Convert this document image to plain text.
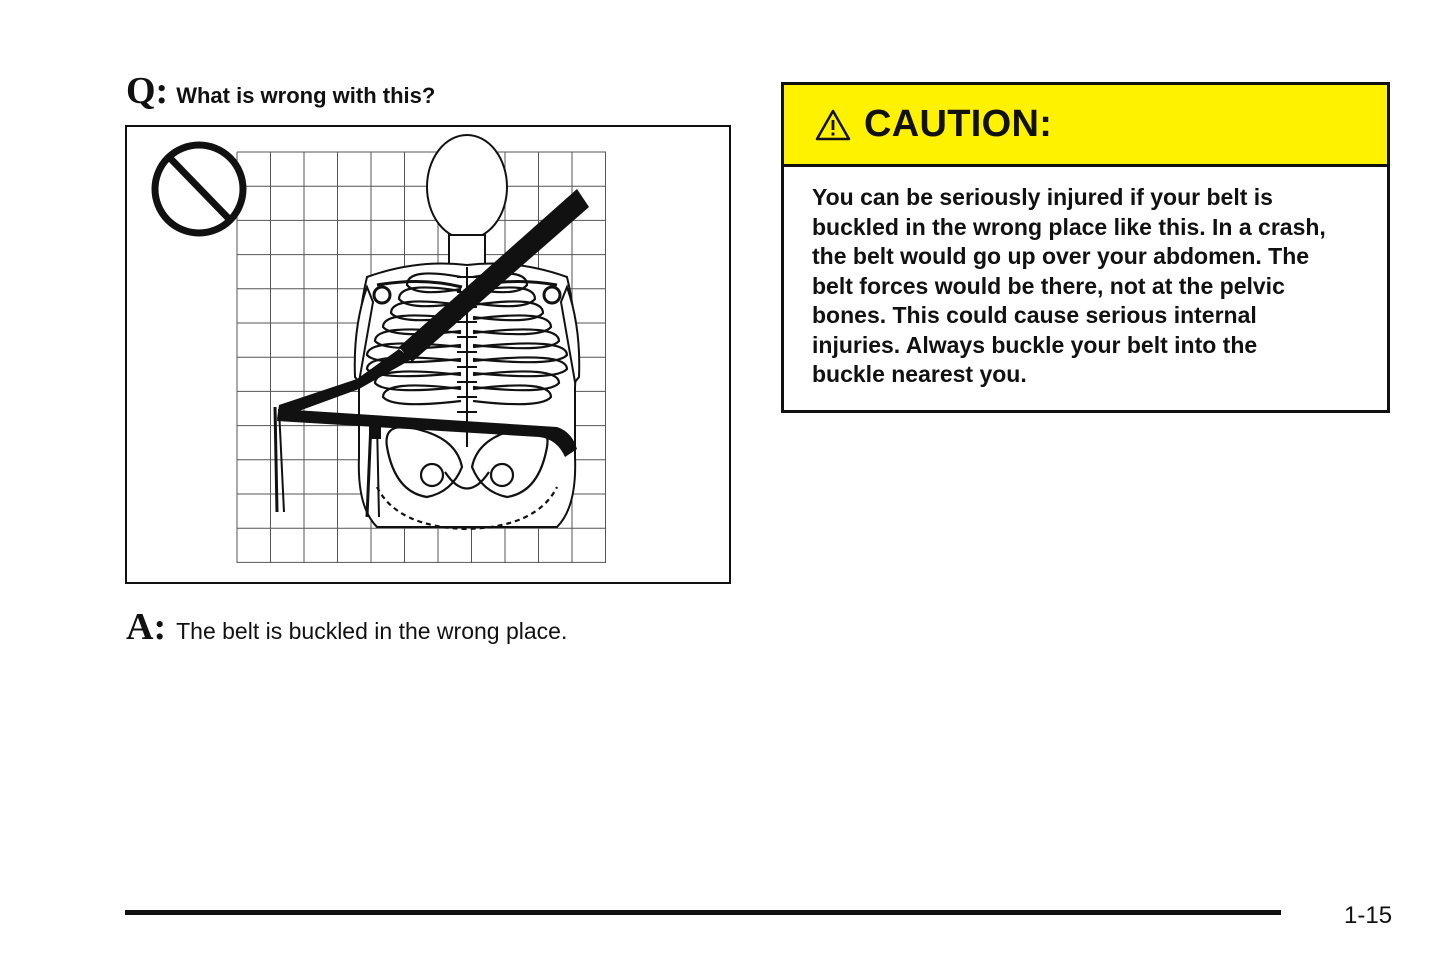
Q: What is wrong with this?
A: The belt is buckled in the wrong place.
CAUTION:
You can be seriously injured if your belt is
buckled in the wrong place like this. In a crash,
the belt would go up over your abdomen. The
belt forces would be there, not at the pelvic
bones. This could cause serious internal
injuries. Always buckle your belt into the
buckle nearest you.
1-15
